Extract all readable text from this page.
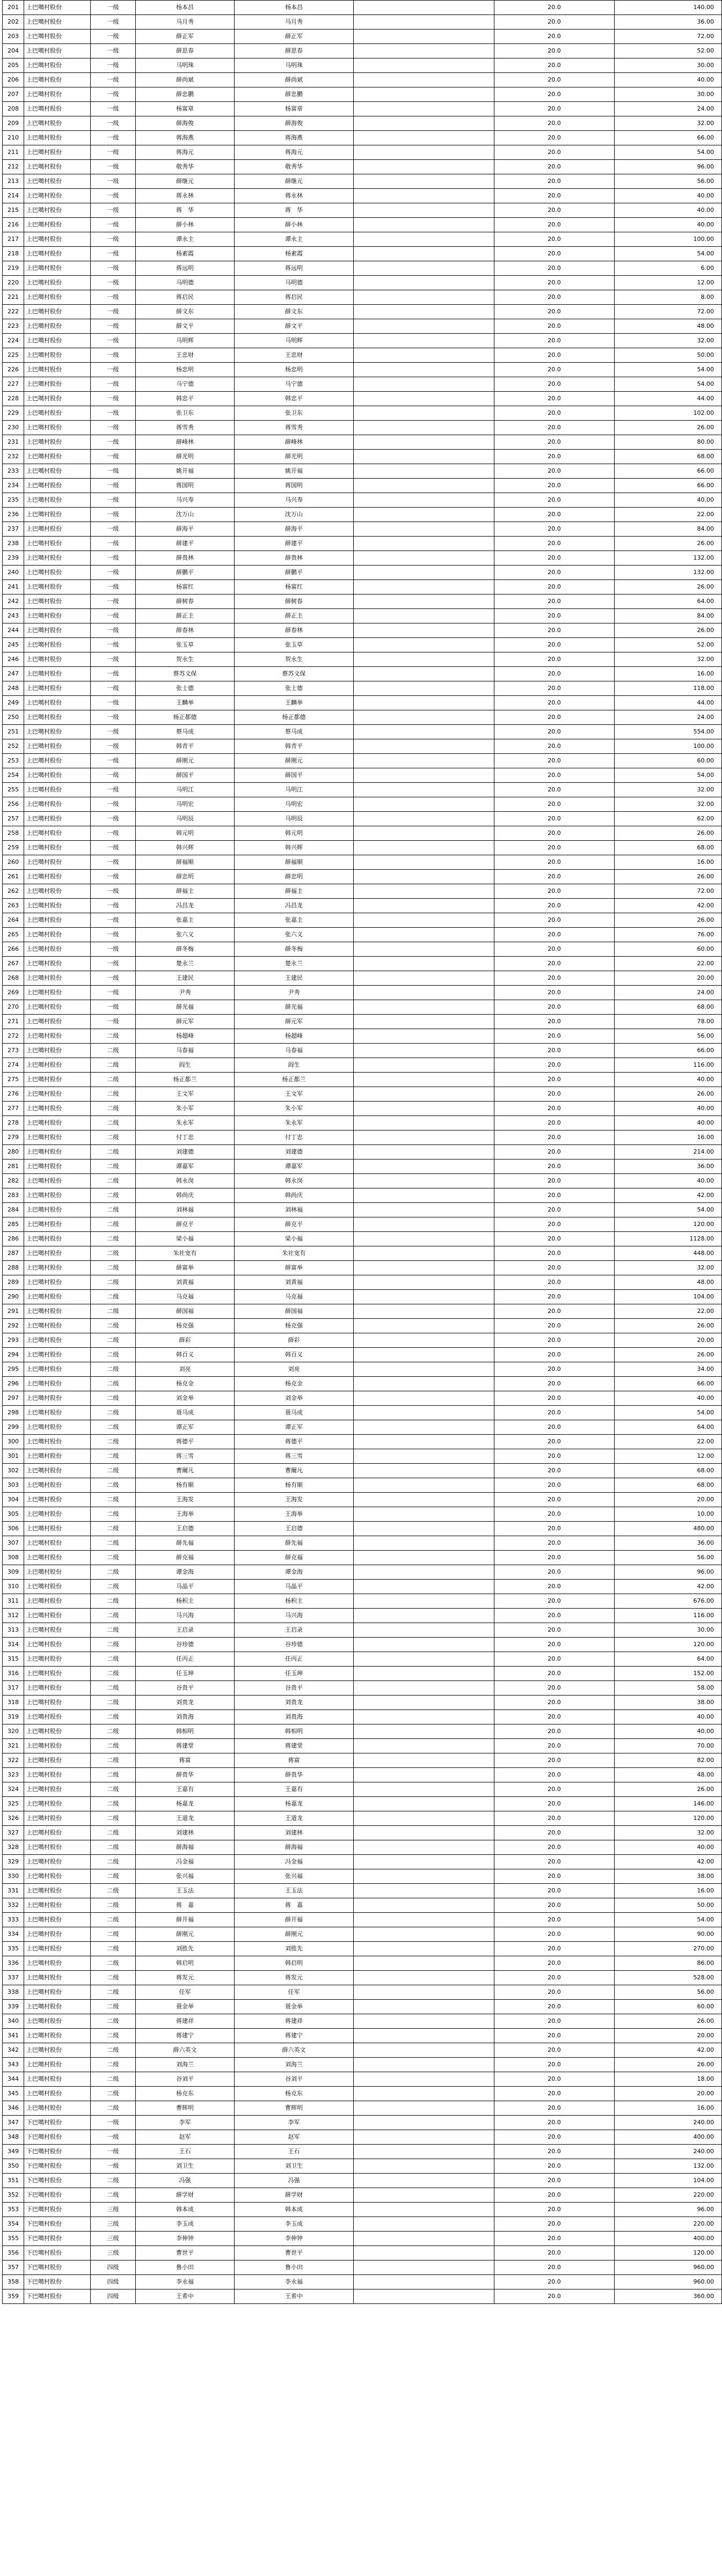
201	上巴噶村股份	一级	杨本昌	杨本昌		20.0	140.00
202	上巴噶村股份	一级	马月秀	马月秀		20.0	36.00
203	上巴噶村股份	一级	薛正军	薛正军		20.0	72.00
204	上巴噶村股份	一级	薛思春	薛思春		20.0	52.00
205	上巴噶村股份	一级	马明珠	马明珠		20.0	30.00
206	上巴噶村股份	一级	薛尚斌	薛尚斌		20.0	40.00
207	上巴噶村股份	一级	薛忠鹏	薛忠鹏		20.0	30.00
208	上巴噶村股份	一级	杨富章	杨富章		20.0	24.00
209	上巴噶村股份	一级	薛海俊	薛海俊		20.0	32.00
210	上巴噶村股份	一级	蒋海燕	蒋海燕		20.0	66.00
211	上巴噶村股份	一级	蒋海元	蒋海元		20.0	54.00
212	上巴噶村股份	一级	敬秀华	敬秀华		20.0	96.00
213	上巴噶村股份	一级	薛继元	薛继元		20.0	56.00
214	上巴噶村股份	一级	蒋永林	蒋永林		20.0	40.00
215	上巴噶村股份	一级	蒋　华	蒋　华		20.0	40.00
216	上巴噶村股份	一级	薛小林	薛小林		20.0	40.00
217	上巴噶村股份	一级	谭永主	谭永主		20.0	100.00
218	上巴噶村股份	一级	杨素霞	杨素霞		20.0	54.00
219	上巴噶村股份	一级	蒋远明	蒋远明		20.0	6.00
220	上巴噶村股份	一级	马明德	马明德		20.0	12.00
221	上巴噶村股份	一级	蒋启民	蒋启民		20.0	8.00
222	上巴噶村股份	一级	薛文东	薛文东		20.0	72.00
223	上巴噶村股份	一级	薛文平	薛文平		20.0	48.00
224	上巴噶村股份	一级	马明辉	马明辉		20.0	32.00
225	上巴噶村股份	一级	王忠财	王忠财		20.0	50.00
226	上巴噶村股份	一级	杨忠明	杨忠明		20.0	54.00
227	上巴噶村股份	一级	马宁德	马宁德		20.0	54.00
228	上巴噶村股份	一级	韩忠平	韩忠平		20.0	44.00
229	上巴噶村股份	一级	张卫东	张卫东		20.0	102.00
230	上巴噶村股份	一级	蒋雪秀	蒋雪秀		20.0	26.00
231	上巴噶村股份	一级	薛峰林	薛峰林		20.0	80.00
232	上巴噶村股份	一级	薛光明	薛光明		20.0	68.00
233	上巴噶村股份	一级	姚开福	姚开福		20.0	66.00
234	上巴噶村股份	一级	蒋国明	蒋国明		20.0	66.00
235	上巴噶村股份	一级	马兴寿	马兴寿		20.0	40.00
236	上巴噶村股份	一级	沈万山	沈万山		20.0	22.00
237	上巴噶村股份	一级	薛海平	薛海平		20.0	84.00
238	上巴噶村股份	一级	薛建平	薛建平		20.0	26.00
239	上巴噶村股份	一级	薛贵林	薛贵林		20.0	132.00
240	上巴噶村股份	一级	薛鹏平	薛鹏平		20.0	132.00
241	上巴噶村股份	一级	杨富红	杨富红		20.0	26.00
242	上巴噶村股份	一级	薛树春	薛树春		20.0	64.00
243	上巴噶村股份	一级	薛正主	薛正主		20.0	84.00
244	上巴噶村股份	一级	薛春林	薛春林		20.0	26.00
245	上巴噶村股份	一级	张玉草	张玉草		20.0	52.00
246	上巴噶村股份	一级	贺永生	贺永生		20.0	32.00
247	上巴噶村股份	一级	蔡苏文保	蔡苏文保		20.0	16.00
248	上巴噶村股份	一级	张士德	张士德		20.0	118.00
249	上巴噶村股份	一级	王麟举	王麟举		20.0	44.00
250	上巴噶村股份	一级	杨正都德	杨正都德		20.0	24.00
251	上巴噶村股份	一级	蔡马成	蔡马成		20.0	554.00
252	上巴噶村股份	一级	韩青平	韩青平		20.0	100.00
253	上巴噶村股份	一级	薛刚元	薛刚元		20.0	60.00
254	上巴噶村股份	一级	薛国平	薛国平		20.0	54.00
255	上巴噶村股份	一级	马明江	马明江		20.0	32.00
256	上巴噶村股份	一级	马明宏	马明宏		20.0	32.00
257	上巴噶村股份	一级	马明辰	马明辰		20.0	62.00
258	上巴噶村股份	一级	韩元明	韩元明		20.0	26.00
259	上巴噶村股份	一级	韩兴辉	韩兴辉		20.0	68.00
260	上巴噶村股份	一级	薛福顺	薛福顺		20.0	16.00
261	上巴噶村股份	一级	薛忠明	薛忠明		20.0	26.00
262	上巴噶村股份	一级	薛福主	薛福主		20.0	72.00
263	上巴噶村股份	一级	冯昌龙	冯昌龙		20.0	42.00
264	上巴噶村股份	一级	张嘉主	张嘉主		20.0	26.00
265	上巴噶村股份	一级	张六义	张六义		20.0	76.00
266	上巴噶村股份	一级	薛冬梅	薛冬梅		20.0	60.00
267	上巴噶村股份	一级	楚永兰	楚永兰		20.0	22.00
268	上巴噶村股份	一级	王建民	王建民		20.0	20.00
269	上巴噶村股份	一级	尹秀	尹秀		20.0	24.00
270	上巴噶村股份	一级	薛光福	薛光福		20.0	68.00
271	上巴噶村股份	一级	薛元军	薛元军		20.0	78.00
272	上巴噶村股份	二级	杨超峰	杨超峰		20.0	56.00
273	上巴噶村股份	二级	马春福	马春福		20.0	66.00
274	上巴噶村股份	二级	阎生	阎生		20.0	116.00
275	上巴噶村股份	二级	杨正都兰	杨正都兰		20.0	40.00
276	上巴噶村股份	二级	王文军	王文军		20.0	26.00
277	上巴噶村股份	二级	朱小军	朱小军		20.0	40.00
278	上巴噶村股份	二级	朱永军	朱永军		20.0	40.00
279	上巴噶村股份	二级	付丁忠	付丁忠		20.0	16.00
280	上巴噶村股份	二级	刘建德	刘建德		20.0	214.00
281	上巴噶村股份	二级	谭嘉军	谭嘉军		20.0	36.00
282	上巴噶村股份	二级	韩永岗	韩永岗		20.0	40.00
283	上巴噶村股份	二级	韩尚庆	韩尚庆		20.0	42.00
284	上巴噶村股份	二级	刘林福	刘林福		20.0	54.00
285	上巴噶村股份	二级	薛克平	薛克平		20.0	120.00
286	上巴噶村股份	二级	梁小福	梁小福		20.0	1128.00
287	上巴噶村股份	二级	朱社宽有	朱社宽有		20.0	448.00
288	上巴噶村股份	二级	薛富举	薛富举		20.0	32.00
289	上巴噶村股份	二级	刘黄福	刘黄福		20.0	48.00
290	上巴噶村股份	二级	马克福	马克福		20.0	104.00
291	上巴噶村股份	二级	薛国福	薛国福		20.0	22.00
292	上巴噶村股份	二级	杨克强	杨克强		20.0	26.00
293	上巴噶村股份	二级	薛彩	薛彩		20.0	20.00
294	上巴噶村股份	二级	韩百义	韩百义		20.0	26.00
295	上巴噶村股份	二级	刘亮	刘亮		20.0	34.00
296	上巴噶村股份	二级	杨克金	杨克金		20.0	66.00
297	上巴噶村股份	二级	刘金举	刘金举		20.0	40.00
298	上巴噶村股份	二级	聂马成	聂马成		20.0	54.00
299	上巴噶村股份	二级	谭正军	谭正军		20.0	64.00
300	上巴噶村股份	二级	蒋德平	蒋德平		20.0	22.00
301	上巴噶村股份	二级	蒋三雪	蒋三雪		20.0	12.00
302	上巴噶村股份	二级	曹爾凡	曹爾凡		20.0	68.00
303	上巴噶村股份	二级	杨有顺	杨有顺		20.0	68.00
304	上巴噶村股份	二级	王海发	王海发		20.0	20.00
305	上巴噶村股份	二级	王海举	王海举		20.0	10.00
306	上巴噶村股份	二级	王启德	王启德		20.0	480.00
307	上巴噶村股份	二级	薛先福	薛先福		20.0	36.00
308	上巴噶村股份	二级	薛克福	薛克福		20.0	56.00
309	上巴噶村股份	二级	谭金海	谭金海		20.0	96.00
310	上巴噶村股份	二级	马晶平	马晶平		20.0	42.00
311	上巴噶村股份	二级	杨积主	杨积主		20.0	676.00
312	上巴噶村股份	二级	马兴海	马兴海		20.0	116.00
313	上巴噶村股份	二级	王启录	王启录		20.0	30.00
314	上巴噶村股份	二级	谷珍德	谷珍德		20.0	120.00
315	上巴噶村股份	二级	任丙正	任丙正		20.0	64.00
316	上巴噶村股份	二级	任玉坤	任玉坤		20.0	152.00
317	上巴噶村股份	二级	谷贵平	谷贵平		20.0	58.00
318	上巴噶村股份	二级	刘贵龙	刘贵龙		20.0	38.00
319	上巴噶村股份	二级	刘贵海	刘贵海		20.0	40.00
320	上巴噶村股份	二级	韩相明	韩相明		20.0	40.00
321	上巴噶村股份	二级	蒋建堂	蒋建堂		20.0	70.00
322	上巴噶村股份	二级	蒋富	蒋富		20.0	82.00
323	上巴噶村股份	二级	薛贵华	薛贵华		20.0	48.00
324	上巴噶村股份	二级	王嘉有	王嘉有		20.0	26.00
325	上巴噶村股份	二级	杨嘉龙	杨嘉龙		20.0	146.00
326	上巴噶村股份	二级	王道龙	王道龙		20.0	120.00
327	上巴噶村股份	二级	刘建林	刘建林		20.0	32.00
328	上巴噶村股份	二级	薛海福	薛海福		20.0	40.00
329	上巴噶村股份	二级	冯金福	冯金福		20.0	42.00
330	上巴噶村股份	二级	张兴福	张兴福		20.0	38.00
331	上巴噶村股份	二级	王玉法	王玉法		20.0	16.00
332	上巴噶村股份	二级	蒋　嘉	蒋　嘉		20.0	50.00
333	上巴噶村股份	二级	薛开福	薛开福		20.0	54.00
334	上巴噶村股份	二级	薛刚元	薛刚元		20.0	90.00
335	上巴噶村股份	二级	刘胜先	刘胜先		20.0	270.00
336	上巴噶村股份	二级	韩启明	韩启明		20.0	86.00
337	上巴噶村股份	二级	蒋发元	蒋发元		20.0	528.00
338	上巴噶村股份	二级	任军	任军		20.0	56.00
339	上巴噶村股份	二级	聂金举	聂金举		20.0	60.00
340	上巴噶村股份	二级	蒋建祥	蒋建祥		20.0	26.00
341	上巴噶村股份	二级	蒋建宁	蒋建宁		20.0	20.00
342	上巴噶村股份	二级	薛六英文	薛六英文		20.0	42.00
343	上巴噶村股份	二级	刘海兰	刘海兰		20.0	26.00
344	上巴噶村股份	二级	谷刘平	谷刘平		20.0	18.00
345	上巴噶村股份	二级	杨克东	杨克东		20.0	20.00
346	上巴噶村股份	二级	曹辉明	曹辉明		20.0	16.00
347	下巴噶村股份	一级	李军	李军		20.0	240.00
348	下巴噶村股份	一级	赵军	赵军		20.0	400.00
349	下巴噶村股份	一级	王石	王石		20.0	240.00
350	下巴噶村股份	一级	刘卫生	刘卫生		20.0	132.00
351	下巴噶村股份	二级	冯强	冯强		20.0	104.00
352	下巴噶村股份	二级	薛学财	薛学财		20.0	220.00
353	下巴噶村股份	三级	韩本成	韩本成		20.0	96.00
354	下巴噶村股份	三级	李玉成	李玉成		20.0	220.00
355	下巴噶村股份	三级	李伸钟	李伸钟		20.0	400.00
356	下巴噶村股份	三级	曹世平	曹世平		20.0	120.00
357	下巴噶村股份	四级	鲁小田	鲁小田		20.0	960.00
358	下巴噶村股份	四级	李永福	李永福		20.0	960.00
359	下巴噶村股份	四级	王希中	王希中		20.0	360.00
